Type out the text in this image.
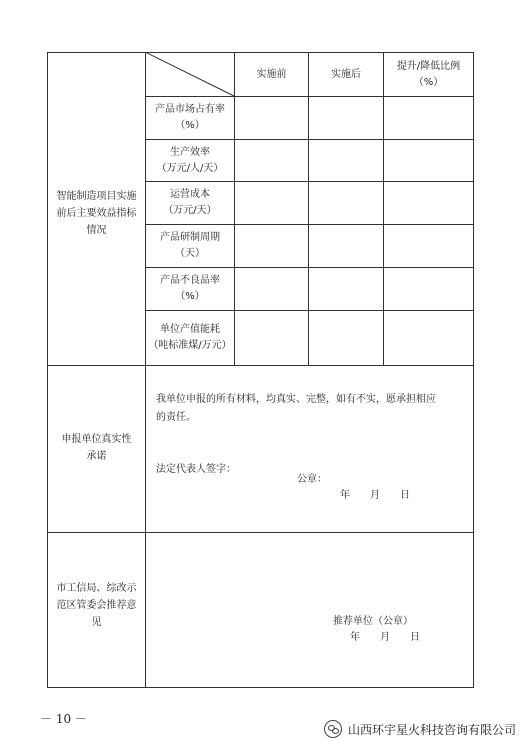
实施前	实施后
提升/降低比例
（%）
智能制造项目实施
前后主要效益指标
情况
产品市场占有率
（%）
生产效率
（万元/人/天）
运营成本
（万元/天）
产品研制周期
（天）
产品不良品率
（%）
单位产值能耗
（吨标准煤/万元）
申报单位真实性
承诺
我单位申报的所有材料，均真实、完整，如有不实，愿承担相应
的责任。
法定代表人签字：
公章：
年　　月　　日
市工信局、综改示
范区管委会推荐意
见	推荐单位（公章）
年　　月　　日
－ 10 －
山西环宇星火科技咨询有限公司
